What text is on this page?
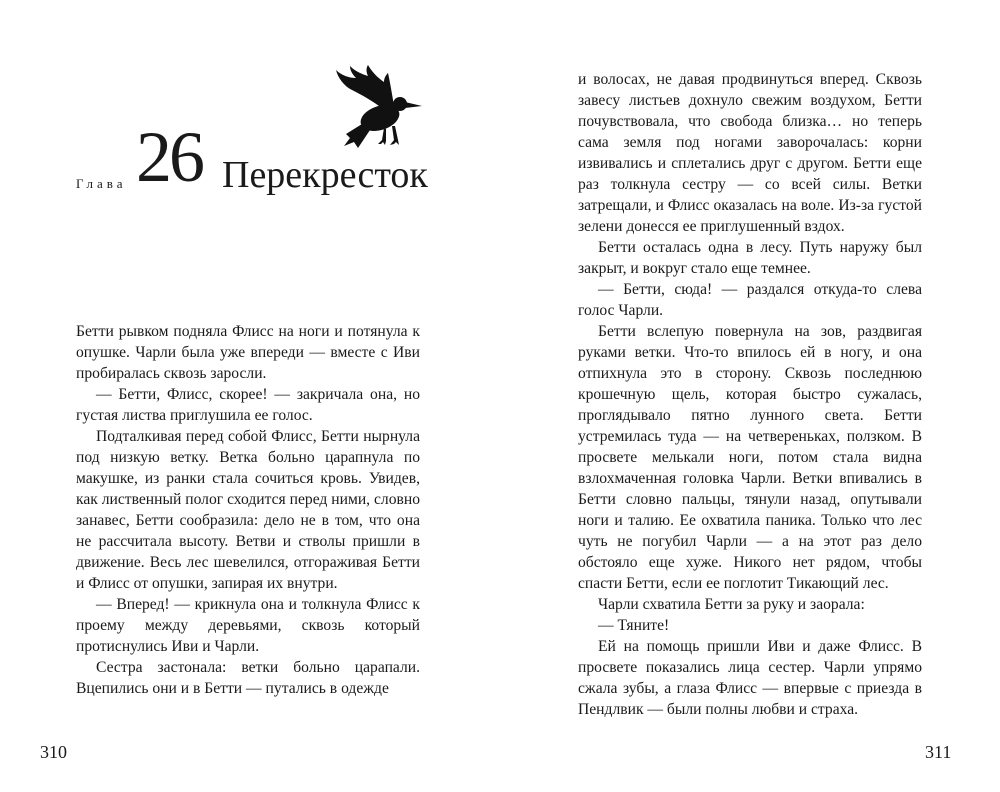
Глава 26 Перекресток

Бетти рывком подняла Флисс на ноги и потянула к опушке. Чарли была уже впереди — вместе с Иви пробиралась сквозь заросли.

— Бетти, Флисс, скорее! — закричала она, но густая листва приглушила ее голос.

Подталкивая перед собой Флисс, Бетти нырнула под низкую ветку. Ветка больно царапнула по макушке, из ранки стала сочиться кровь. Увидев, как лиственный полог сходится перед ними, словно занавес, Бетти сообразила: дело не в том, что она не рассчитала высоту. Ветви и стволы пришли в движение. Весь лес шевелился, отгораживая Бетти и Флисс от опушки, запирая их внутри.

— Вперед! — крикнула она и толкнула Флисс к проему между деревьями, сквозь который протиснулись Иви и Чарли.

Сестра застонала: ветки больно царапали. Вцепились они и в Бетти — путались в одежде

310

и волосах, не давая продвинуться вперед. Сквозь завесу листьев дохнуло свежим воздухом, Бетти почувствовала, что свобода близка… но теперь сама земля под ногами заворочалась: корни извивались и сплетались друг с другом. Бетти еще раз толкнула сестру — со всей силы. Ветки затрещали, и Флисс оказалась на воле. Из-за густой зелени донесся ее приглушенный вздох.

Бетти осталась одна в лесу. Путь наружу был закрыт, и вокруг стало еще темнее.

— Бетти, сюда! — раздался откуда-то слева голос Чарли.

Бетти вслепую повернула на зов, раздвигая руками ветки. Что-то впилось ей в ногу, и она отпихнула это в сторону. Сквозь последнюю крошечную щель, которая быстро сужалась, проглядывало пятно лунного света. Бетти устремилась туда — на четвереньках, ползком. В просвете мелькали ноги, потом стала видна взлохмаченная головка Чарли. Ветки впивались в Бетти словно пальцы, тянули назад, опутывали ноги и талию. Ее охватила паника. Только что лес чуть не погубил Чарли — а на этот раз дело обстояло еще хуже. Никого нет рядом, чтобы спасти Бетти, если ее поглотит Тикающий лес.

Чарли схватила Бетти за руку и заорала:

— Тяните!

Ей на помощь пришли Иви и даже Флисс. В просвете показались лица сестер. Чарли упрямо сжала зубы, а глаза Флисс — впервые с приезда в Пендлвик — были полны любви и страха.

311
